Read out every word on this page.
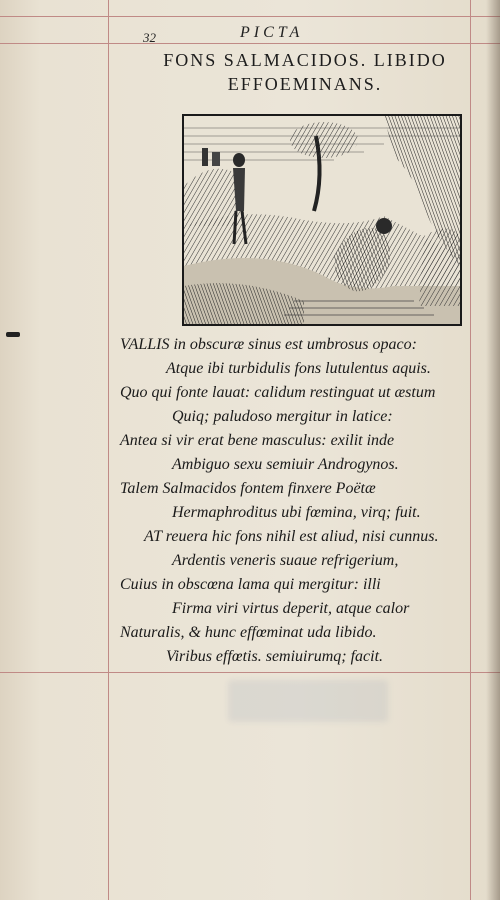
32	PICTA
FONS SALMACIDOS. LIBIDO
EFFOEMINANS.
VALLIS in obscuræ sinus est umbrosus opaco:
Atque ibi turbidulis fons lutulentus aquis.
Quo qui fonte lauat: calidum restinguat ut æstum
Quiq; paludoso mergitur in latice:
Antea si vir erat bene masculus: exilit inde
Ambiguo sexu semiuir Androgynos.
Talem Salmacidos fontem finxere Poëtæ
Hermaphroditus ubi fœmina, virq; fuit.
AT reuera hic fons nihil est aliud, nisi cunnus.
Ardentis veneris suaue refrigerium,
Cuius in obscœna lama qui mergitur: illi
Firma viri virtus deperit, atque calor
Naturalis, & hunc effœminat uda libido.
Viribus effœtis. semiuirumq; facit.
